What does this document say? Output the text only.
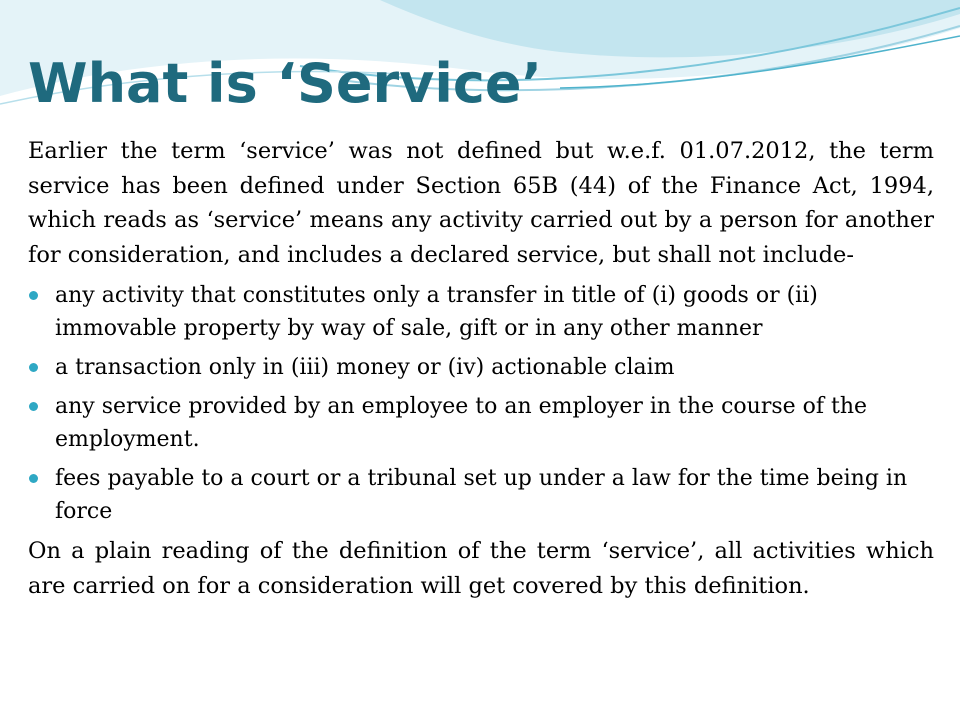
What is ‘Service’

Earlier the term ‘service’ was not defined but w.e.f. 01.07.2012, the term service has been defined under Section 65B (44) of the Finance Act, 1994, which reads as ‘service’ means any activity carried out by a person for another for consideration, and includes a declared service, but shall not include-

any activity that constitutes only a transfer in title of (i) goods or (ii) immovable property by way of sale, gift or in any other manner
a transaction only in (iii) money or (iv) actionable claim
any service provided by an employee to an employer in the course of the employment.
fees payable to a court or a tribunal set up under a law for the time being in force

On a plain reading of the definition of the term ‘service’, all activities which are carried on for a consideration will get covered by this definition.
